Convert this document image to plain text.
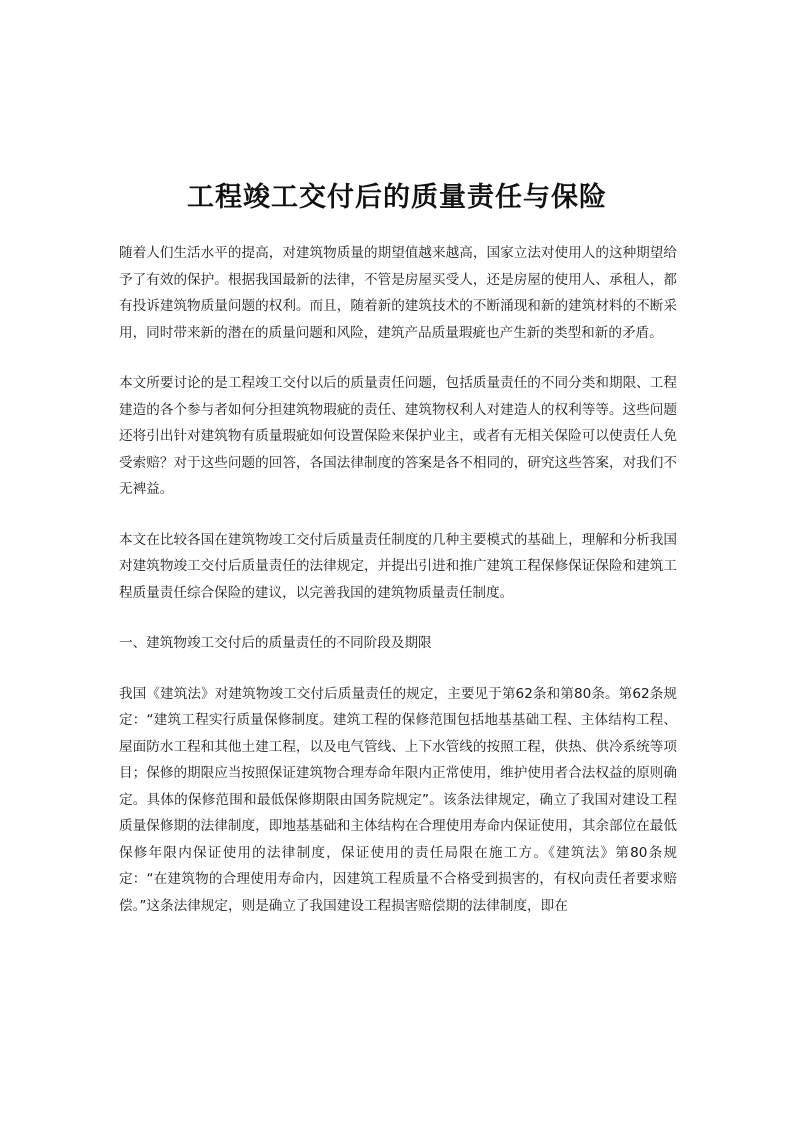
工程竣工交付后的质量责任与保险

随着人们生活水平的提高，对建筑物质量的期望值越来越高，国家立法对使用人的这种期望给予了有效的保护。根据我国最新的法律，不管是房屋买受人，还是房屋的使用人、承租人，都有投诉建筑物质量问题的权利。而且，随着新的建筑技术的不断涌现和新的建筑材料的不断采用，同时带来新的潜在的质量问题和风险，建筑产品质量瑕疵也产生新的类型和新的矛盾。

本文所要讨论的是工程竣工交付以后的质量责任问题，包括质量责任的不同分类和期限、工程建造的各个参与者如何分担建筑物瑕疵的责任、建筑物权利人对建造人的权利等等。这些问题还将引出针对建筑物有质量瑕疵如何设置保险来保护业主，或者有无相关保险可以使责任人免受索赔？对于这些问题的回答，各国法律制度的答案是各不相同的，研究这些答案，对我们不无裨益。

本文在比较各国在建筑物竣工交付后质量责任制度的几种主要模式的基础上，理解和分析我国对建筑物竣工交付后质量责任的法律规定，并提出引进和推广建筑工程保修保证保险和建筑工程质量责任综合保险的建议，以完善我国的建筑物质量责任制度。

一、建筑物竣工交付后的质量责任的不同阶段及期限

我国《建筑法》对建筑物竣工交付后质量责任的规定，主要见于第62条和第80条。第62条规定：“建筑工程实行质量保修制度。建筑工程的保修范围包括地基基础工程、主体结构工程、屋面防水工程和其他土建工程，以及电气管线、上下水管线的按照工程，供热、供冷系统等项目；保修的期限应当按照保证建筑物合理寿命年限内正常使用，维护使用者合法权益的原则确定。具体的保修范围和最低保修期限由国务院规定”。该条法律规定，确立了我国对建设工程质量保修期的法律制度，即地基基础和主体结构在合理使用寿命内保证使用，其余部位在最低保修年限内保证使用的法律制度，保证使用的责任局限在施工方。《建筑法》第80条规定：“在建筑物的合理使用寿命内，因建筑工程质量不合格受到损害的，有权向责任者要求赔偿。”这条法律规定，则是确立了我国建设工程损害赔偿期的法律制度，即在
